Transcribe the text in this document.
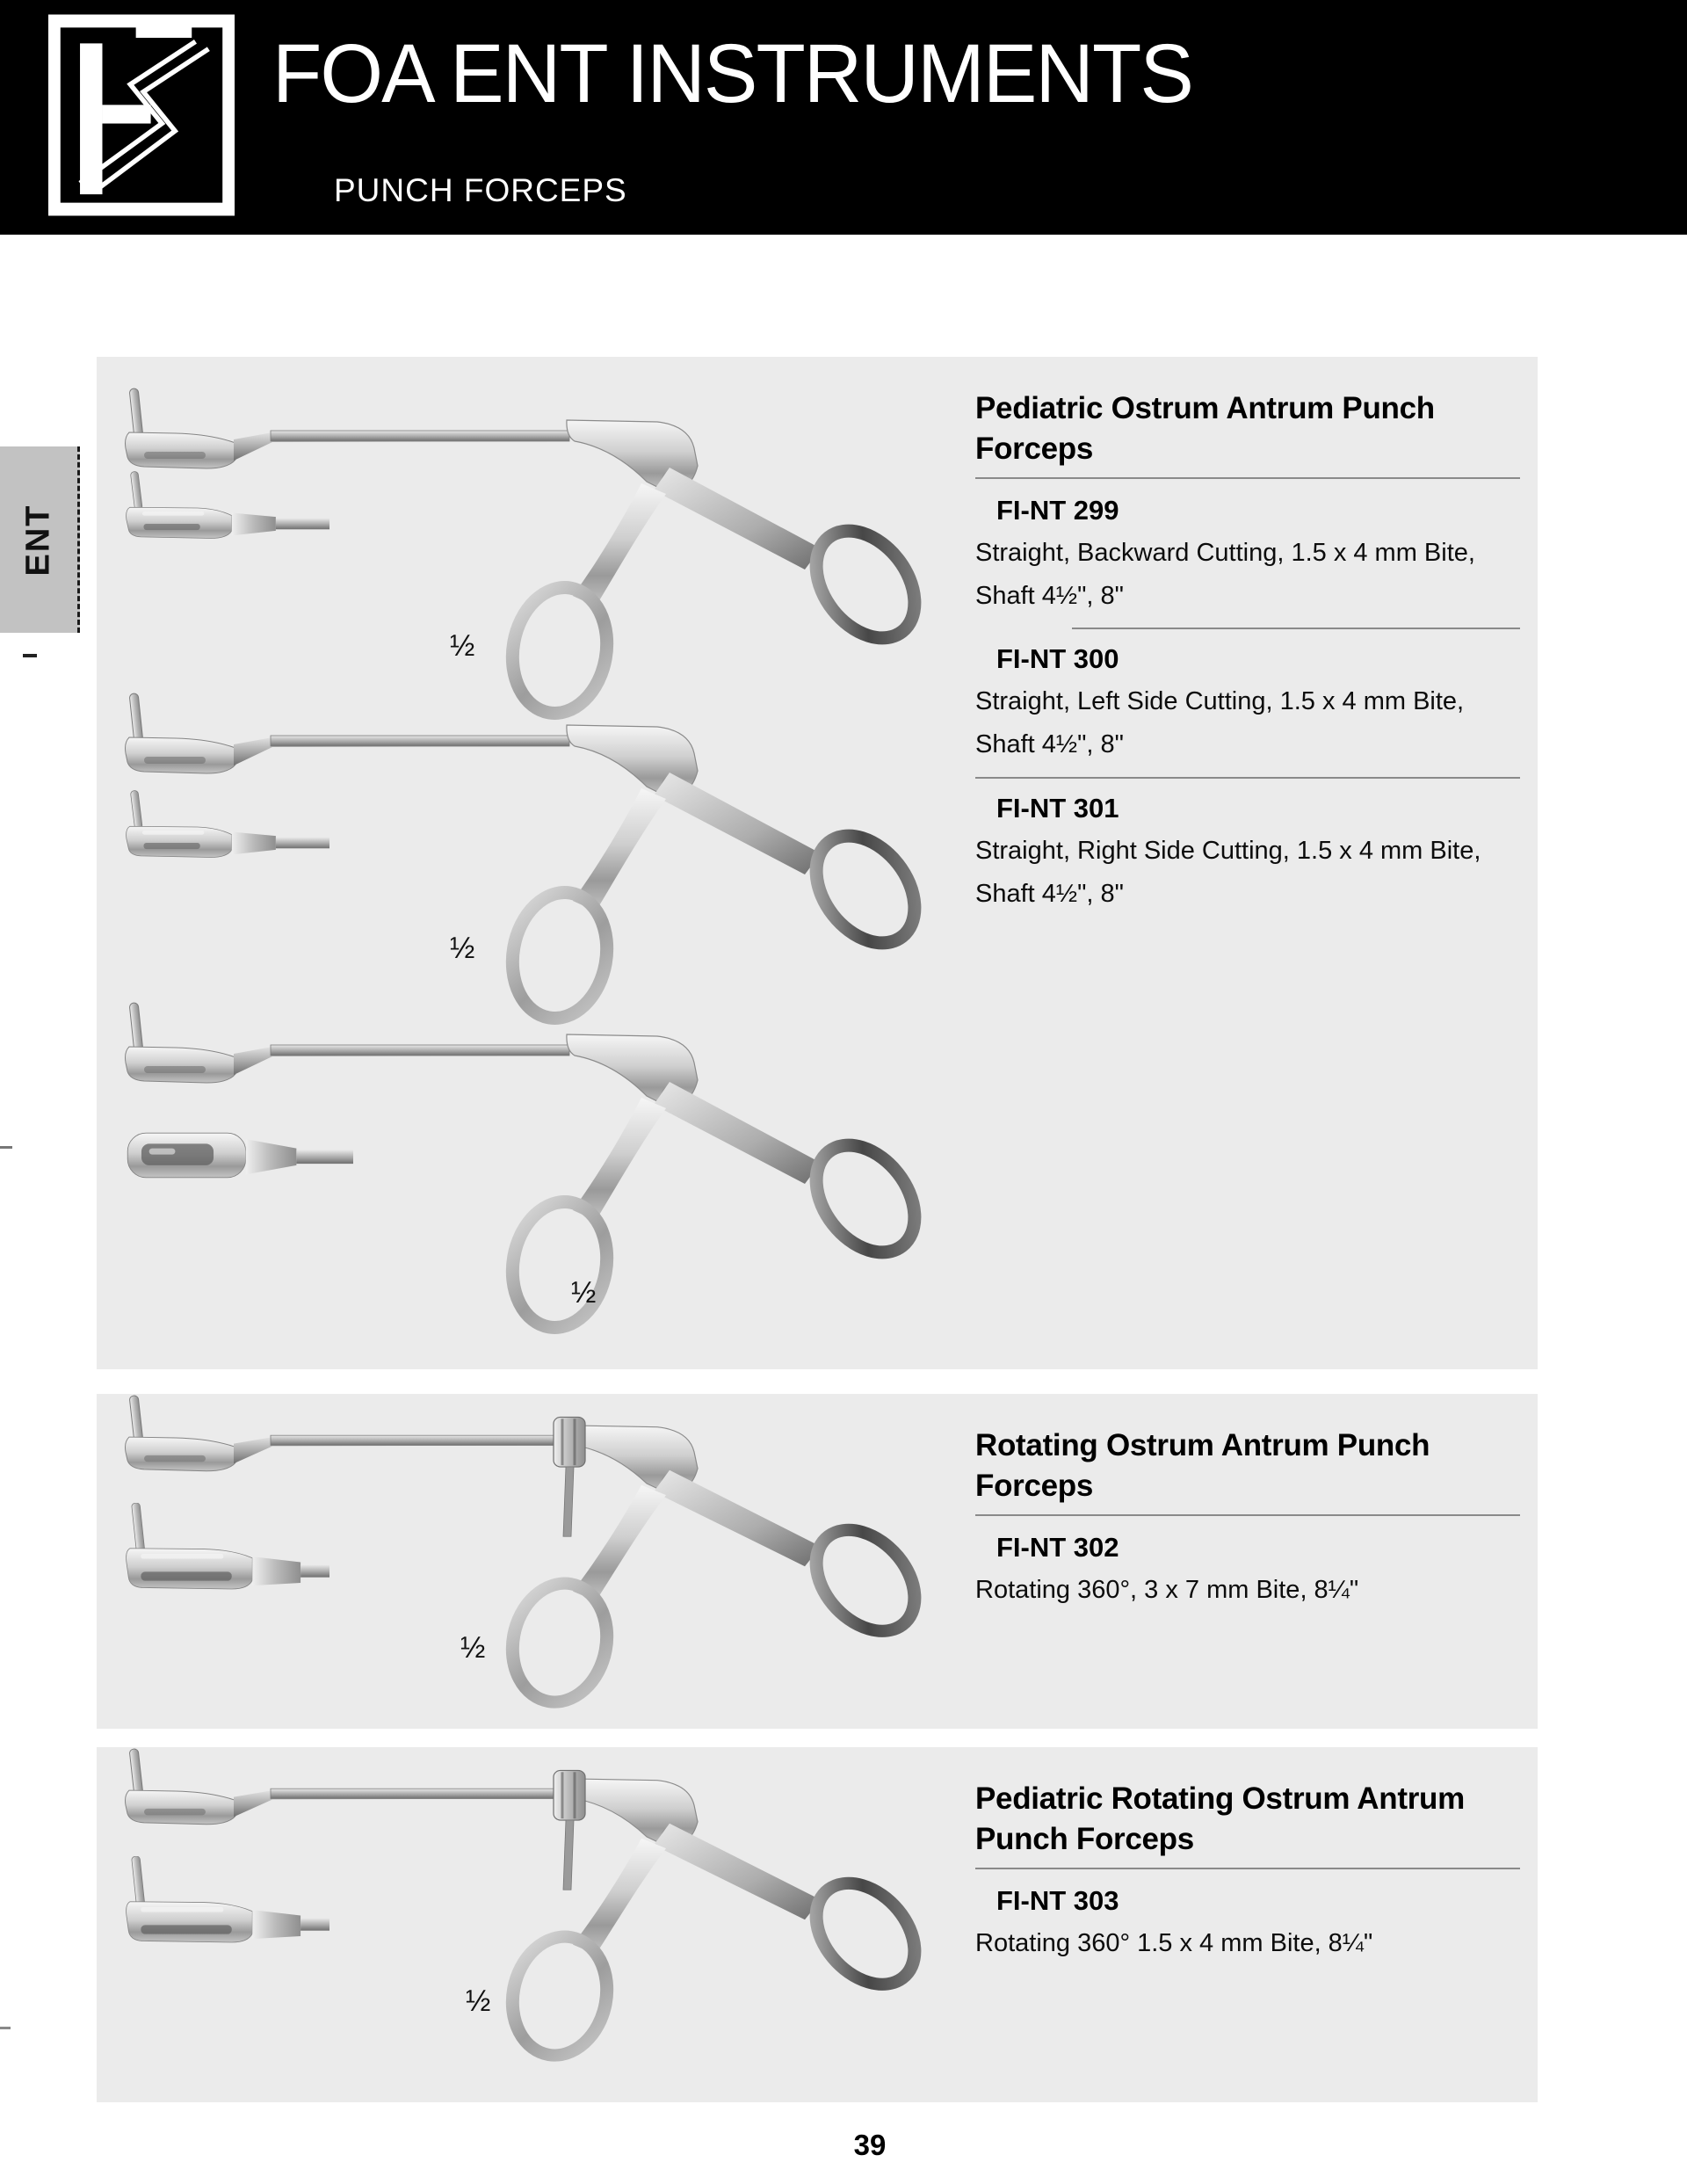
FOA ENT INSTRUMENTS
PUNCH FORCEPS
ENT
Pediatric Ostrum Antrum Punch Forceps
FI-NT 299
Straight, Backward Cutting, 1.5 x 4 mm Bite, Shaft 4½", 8"
FI-NT 300
Straight, Left Side Cutting, 1.5 x 4 mm Bite, Shaft 4½", 8"
FI-NT 301
Straight, Right Side Cutting, 1.5 x 4 mm Bite, Shaft 4½", 8"
½
½
½
Rotating Ostrum Antrum Punch Forceps
FI-NT 302
Rotating 360°, 3 x 7 mm Bite, 8¼"
½
Pediatric Rotating Ostrum Antrum Punch Forceps
FI-NT 303
Rotating 360° 1.5 x 4 mm Bite, 8¼"
½
39
